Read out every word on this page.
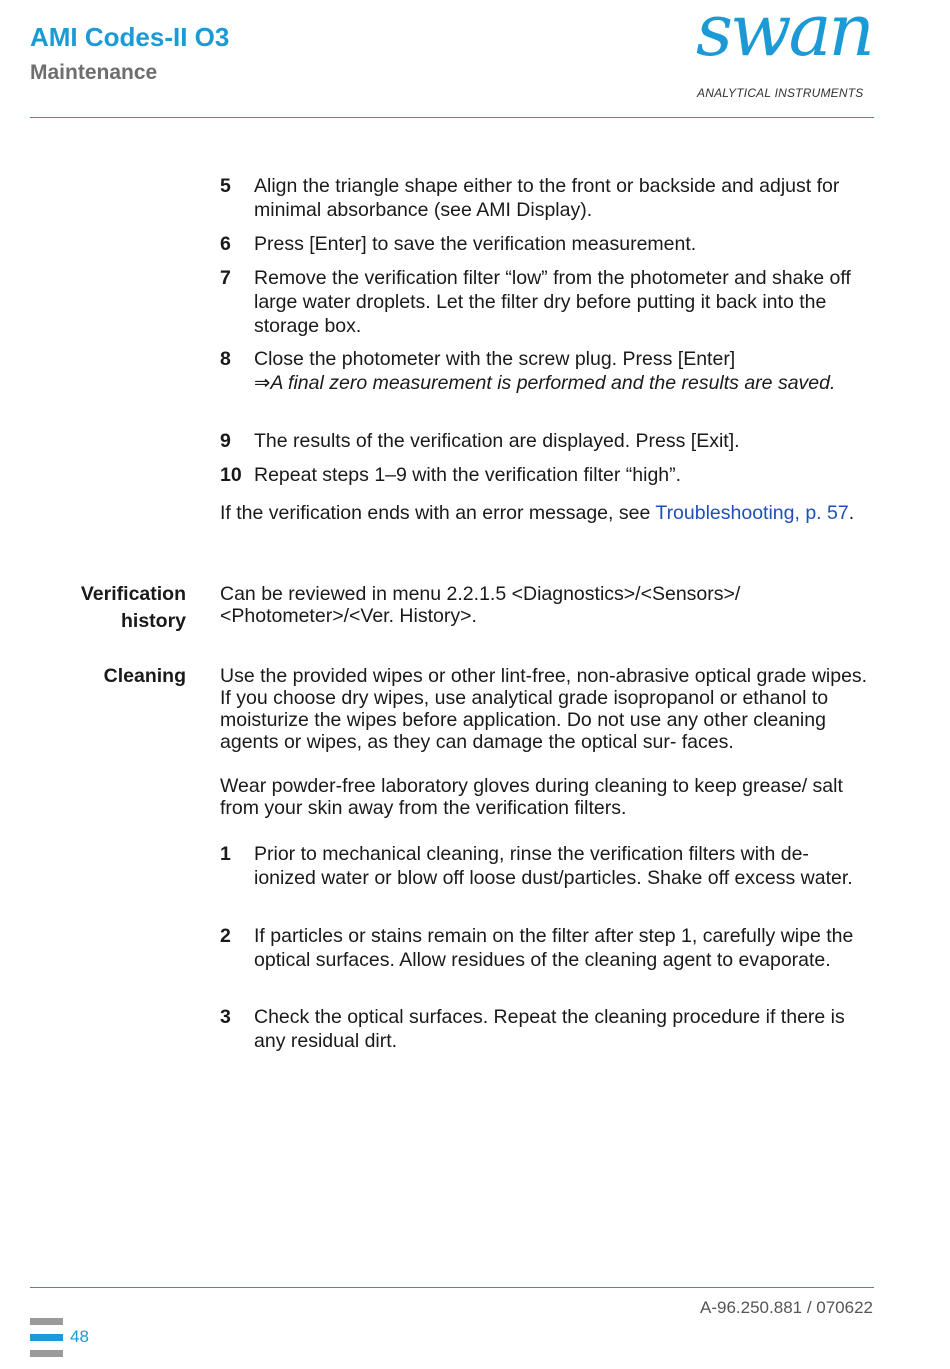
AMI Codes-II O3
Maintenance
swan
ANALYTICAL INSTRUMENTS
5 Align the triangle shape either to the front or backside and adjust for minimal absorbance (see AMI Display).
6 Press [Enter] to save the verification measurement.
7 Remove the verification filter “low” from the photometer and shake off large water droplets. Let the filter dry before putting it back into the storage box.
8 Close the photometer with the screw plug. Press [Enter]
⇒A final zero measurement is performed and the results are saved.
9 The results of the verification are displayed. Press [Exit].
10 Repeat steps 1–9 with the verification filter “high”.
If the verification ends with an error message, see Troubleshooting, p. 57.
Verification
history
Can be reviewed in menu 2.2.1.5 <Diagnostics>/<Sensors>/ <Photometer>/<Ver. History>.
Cleaning Use the provided wipes or other lint-free, non-abrasive optical grade wipes. If you choose dry wipes, use analytical grade isopropanol or ethanol to moisturize the wipes before application. Do not use any other cleaning agents or wipes, as they can damage the optical sur- faces.
Wear powder-free laboratory gloves during cleaning to keep grease/ salt from your skin away from the verification filters.
1 Prior to mechanical cleaning, rinse the verification filters with de- ionized water or blow off loose dust/particles. Shake off excess water.
2 If particles or stains remain on the filter after step 1, carefully wipe the optical surfaces. Allow residues of the cleaning agent to evaporate.
3 Check the optical surfaces. Repeat the cleaning procedure if there is any residual dirt.
A-96.250.881 / 070622
48
